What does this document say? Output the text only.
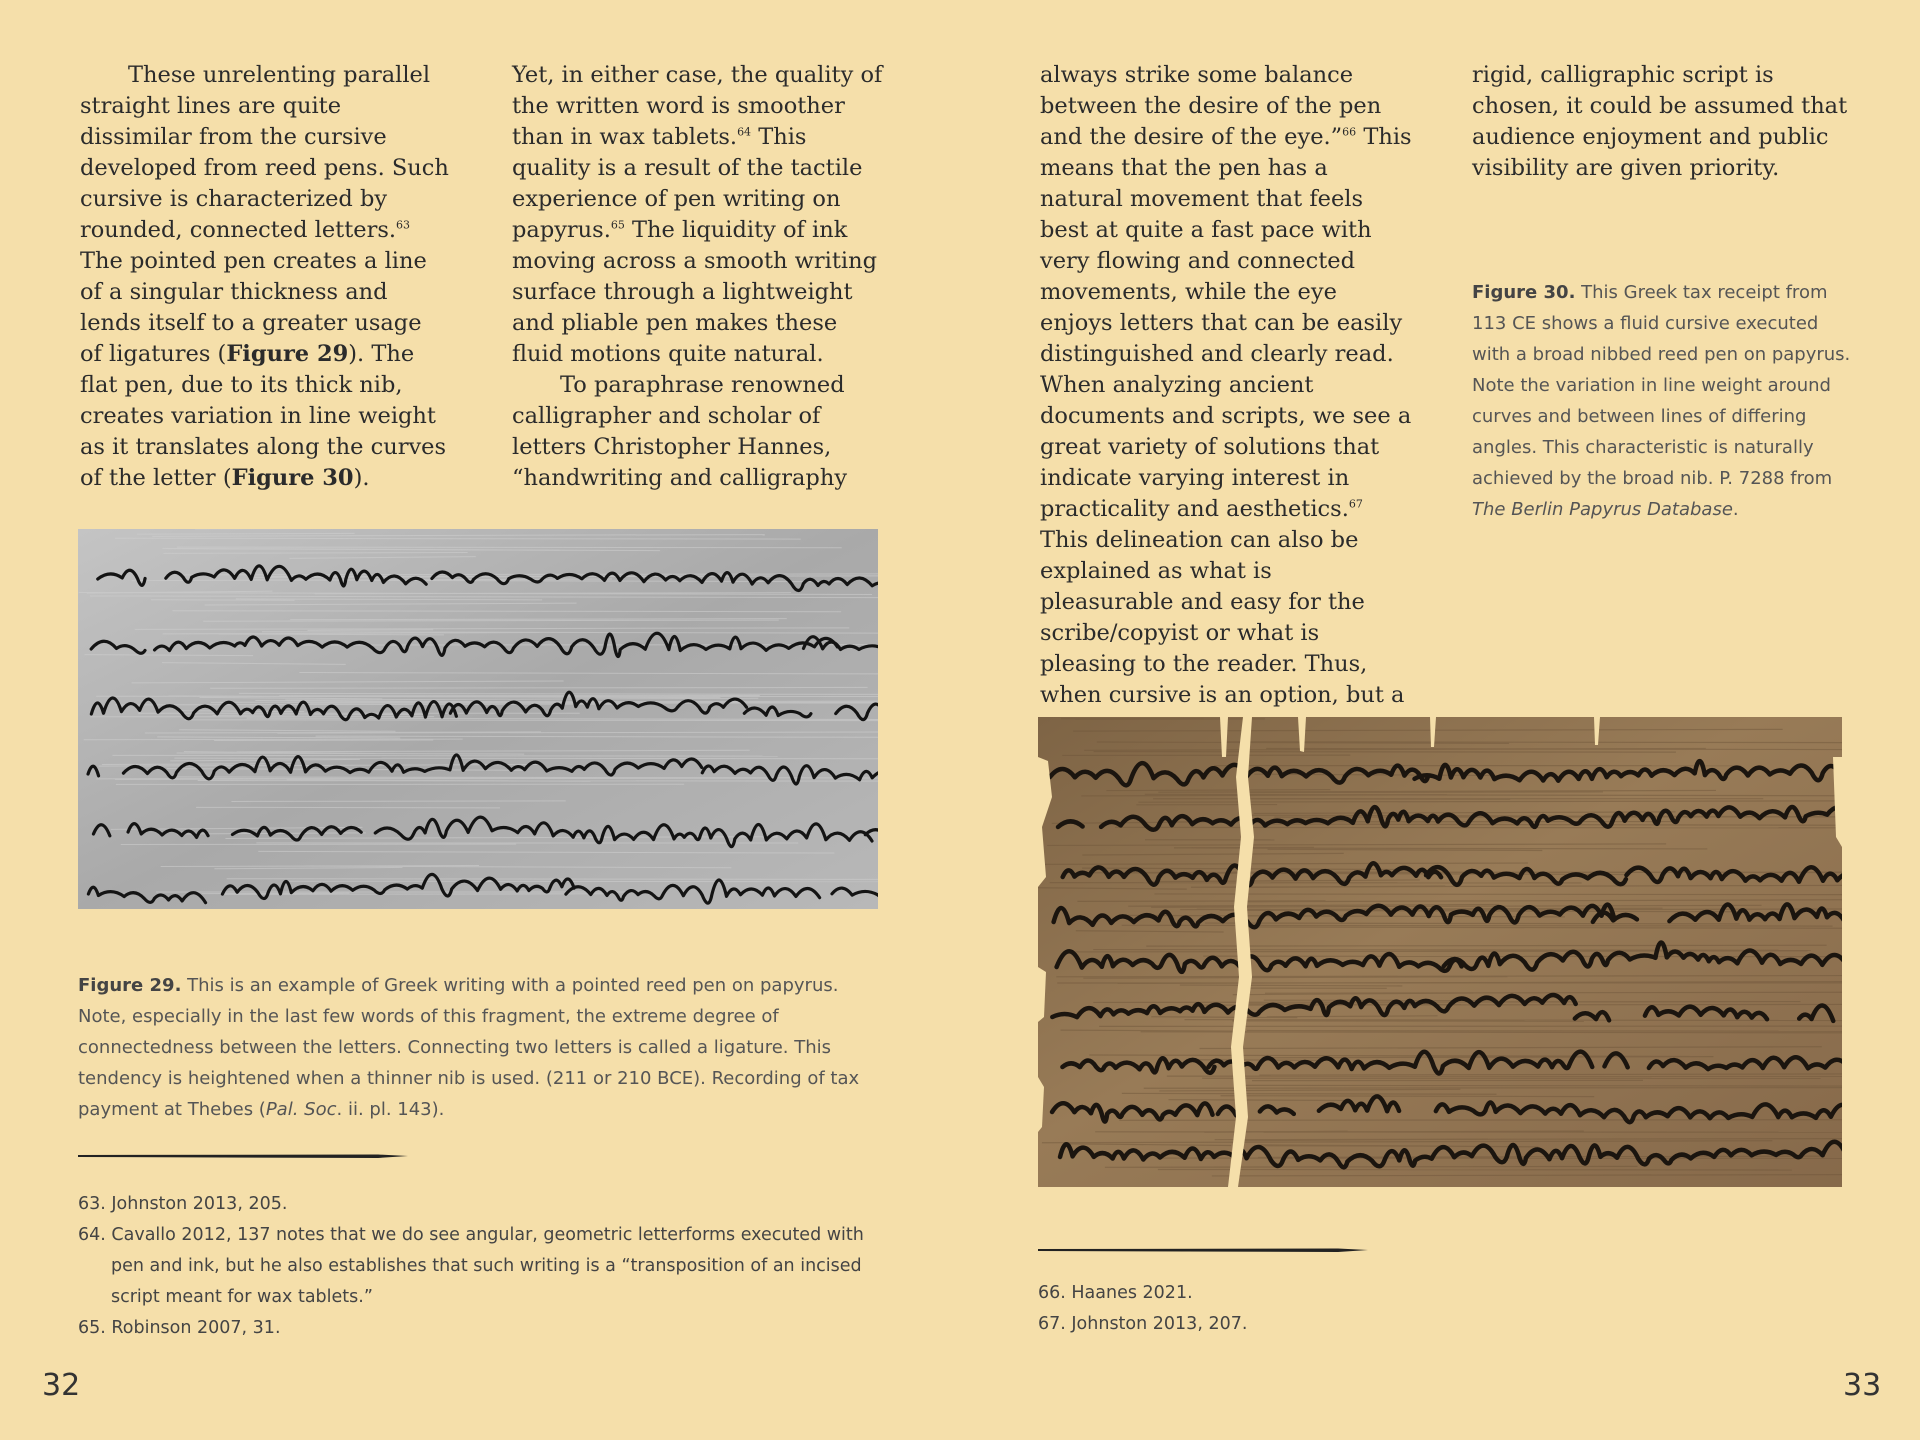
These unrelenting parallel straight lines are quite dissimilar from the cursive developed from reed pens. Such cursive is characterized by rounded, connected letters.$^{63}$ The pointed pen creates a line of a singular thickness and lends itself to a greater usage of ligatures (Figure 29). The flat pen, due to its thick nib, creates variation in line weight as it translates along the curves of the letter (Figure 30).

Yet, in either case, the quality of the written word is smoother than in wax tablets.$^{64}$ This quality is a result of the tactile experience of pen writing on papyrus.$^{65}$ The liquidity of ink moving across a smooth writing surface through a lightweight and pliable pen makes these fluid motions quite natural.

To paraphrase renowned calligrapher and scholar of letters Christopher Hannes, “handwriting and calligraphy

Figure 29. This is an example of Greek writing with a pointed reed pen on papyrus. Note, especially in the last few words of this fragment, the extreme degree of connectedness between the letters. Connecting two letters is called a ligature. This tendency is heightened when a thinner nib is used. (211 or 210 BCE). Recording of tax payment at Thebes (Pal. Soc. ii. pl. 143).
63. Johnston 2013, 205.
64. Cavallo 2012, 137 notes that we do see angular, geometric letterforms executed with pen and ink, but he also establishes that such writing is a “transposition of an incised script meant for wax tablets.”
65. Robinson 2007, 31.
32

always strike some balance between the desire of the pen and the desire of the eye.”$^{66}$ This means that the pen has a natural movement that feels best at quite a fast pace with very flowing and connected movements, while the eye enjoys letters that can be easily distinguished and clearly read. When analyzing ancient documents and scripts, we see a great variety of solutions that indicate varying interest in practicality and aesthetics.$^{67}$ This delineation can also be explained as what is pleasurable and easy for the scribe/copyist or what is pleasing to the reader. Thus, when cursive is an option, but a

rigid, calligraphic script is chosen, it could be assumed that audience enjoyment and public visibility are given priority.

Figure 30. This Greek tax receipt from 113 CE shows a fluid cursive executed with a broad nibbed reed pen on papyrus. Note the variation in line weight around curves and between lines of differing angles. This characteristic is naturally achieved by the broad nib. P. 7288 from The Berlin Papyrus Database.
66. Haanes 2021.
67. Johnston 2013, 207.
33
